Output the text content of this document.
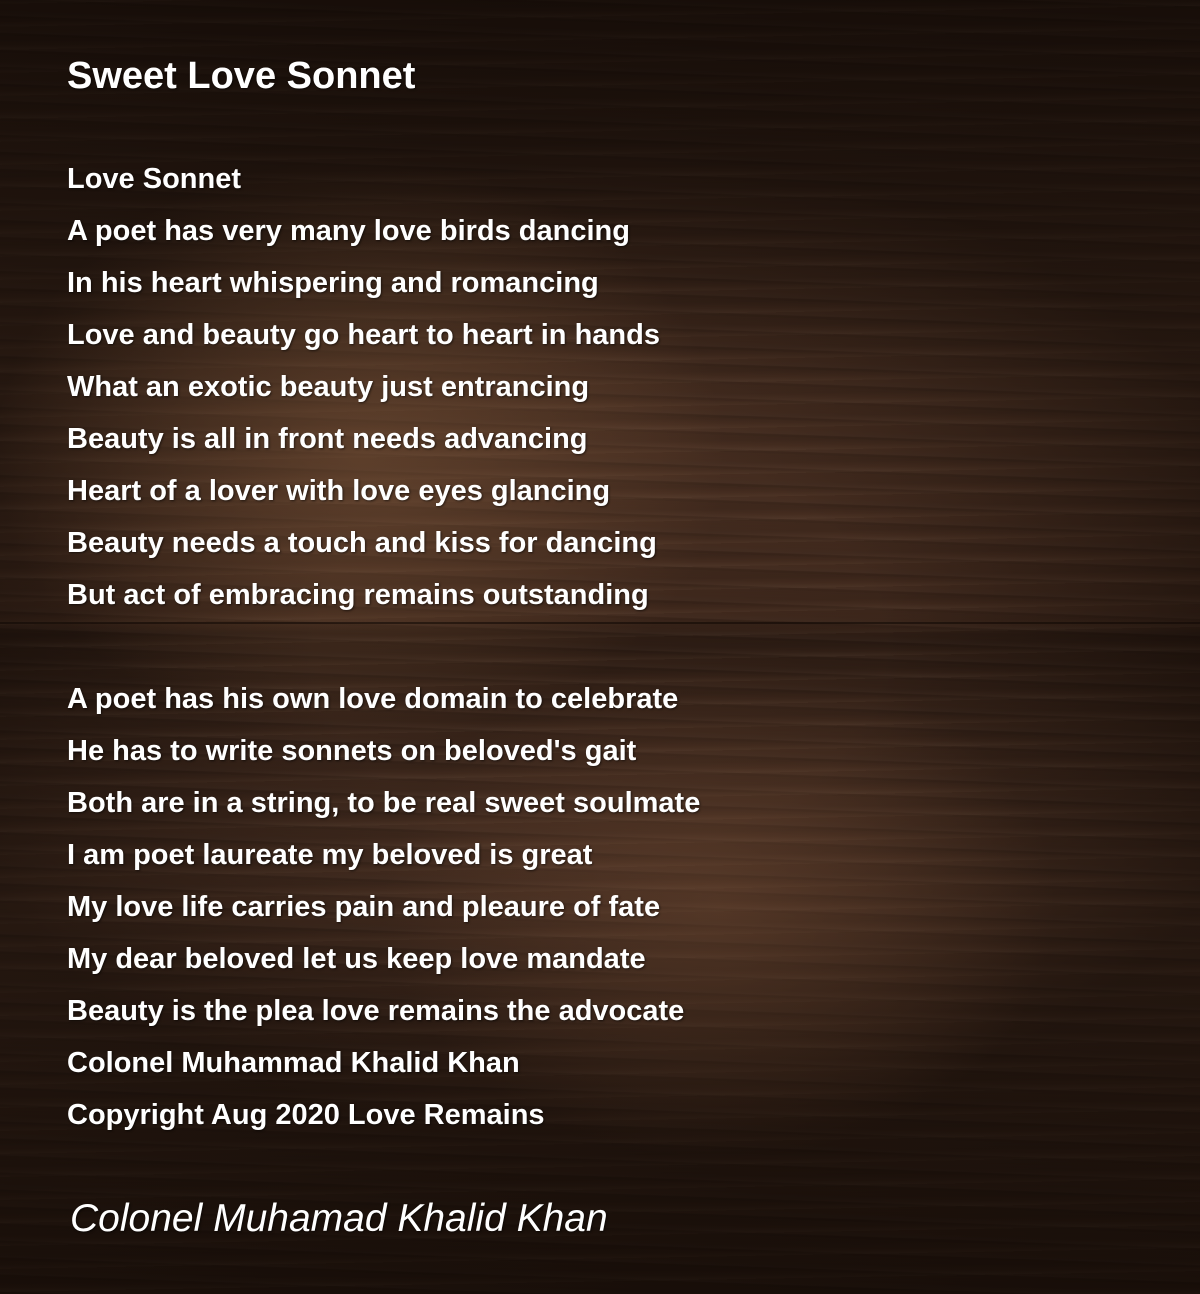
Sweet Love Sonnet
Love Sonnet
A poet has very many love birds dancing
In his heart whispering and romancing
Love and beauty go heart to heart in hands
What an exotic beauty just entrancing
Beauty is all in front needs advancing
Heart of a lover with love eyes glancing
Beauty needs a touch and kiss for dancing
But act of embracing remains outstanding
A poet has his own love domain to celebrate
He has to write sonnets on beloved's gait
Both are in a string, to be real sweet soulmate
I am poet laureate my beloved is great
My love life carries pain and pleaure of fate
My dear beloved let us keep love mandate
Beauty is the plea love remains the advocate
Colonel Muhammad Khalid Khan
Copyright Aug 2020 Love Remains
Colonel Muhamad Khalid Khan
